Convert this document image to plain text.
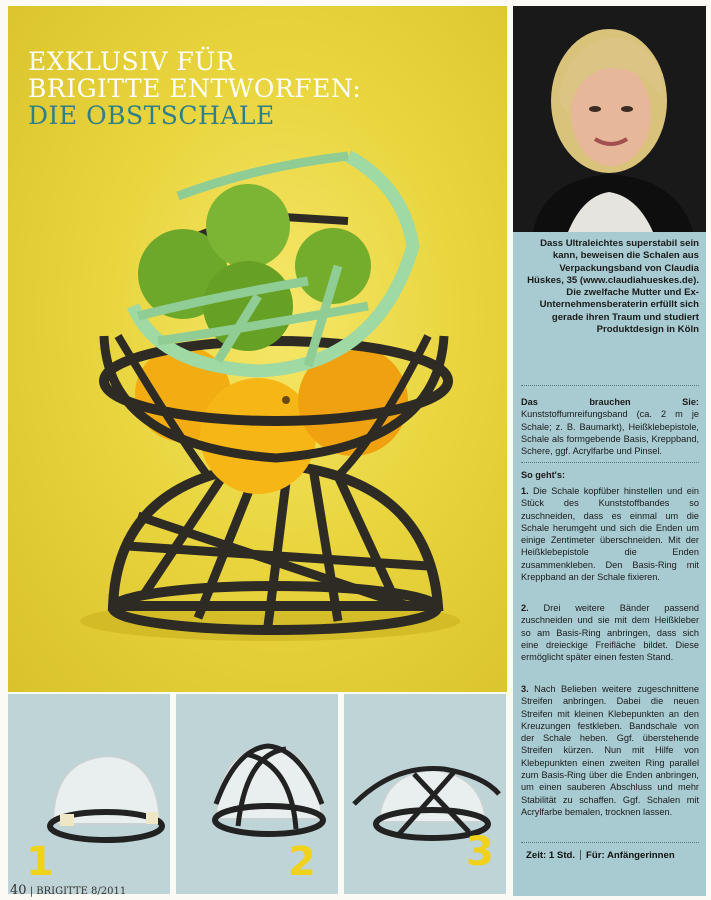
EXKLUSIV FÜR
BRIGITTE ENTWORFEN:
DIE OBSTSCHALE
Dass Ultraleichtes superstabil sein kann, beweisen die Schalen aus Verpackungsband von Claudia Hüskes, 35 (www.claudiahueskes.de). Die zwelfache Mutter und Ex-Unternehmensberaterin erfüllt sich gerade ihren Traum und studiert Produktdesign in Köln
Das brauchen Sie: Kunststoffumreifungsband (ca. 2 m je Schale; z. B. Baumarkt), Heißklebepistole, Schale als formgebende Basis, Kreppband, Schere, ggf. Acrylfarbe und Pinsel.
So geht's:
1. Die Schale kopfüber hinstellen und ein Stück des Kunststoffbandes so zuschneiden, dass es einmal um die Schale herumgeht und sich die Enden um einige Zentimeter überschneiden. Mit der Heißklebepistole die Enden zusammenkleben. Den Basis-Ring mit Kreppband an der Schale fixieren.
2. Drei weitere Bänder passend zuschneiden und sie mit dem Heißkleber so am Basis-Ring anbringen, dass sich eine dreieckige Freifläche bildet. Diese ermöglicht später einen festen Stand.
3. Nach Belieben weitere zugeschnittene Streifen anbringen. Dabei die neuen Streifen mit kleinen Klebepunkten an den Kreuzungen festkleben. Bandschale von der Schale heben. Ggf. überstehende Streifen kürzen. Nun mit Hilfe von Klebepunkten einen zweiten Ring parallel zum Basis-Ring über die Enden anbringen, um einen sauberen Abschluss und mehr Stabilität zu schaffen. Ggf. Schalen mit Acrylfarbe bemalen, trocknen lassen.
Zeit: 1 Std. Für: Anfängerinnen
1	2	3
40 | BRIGITTE 8/2011
